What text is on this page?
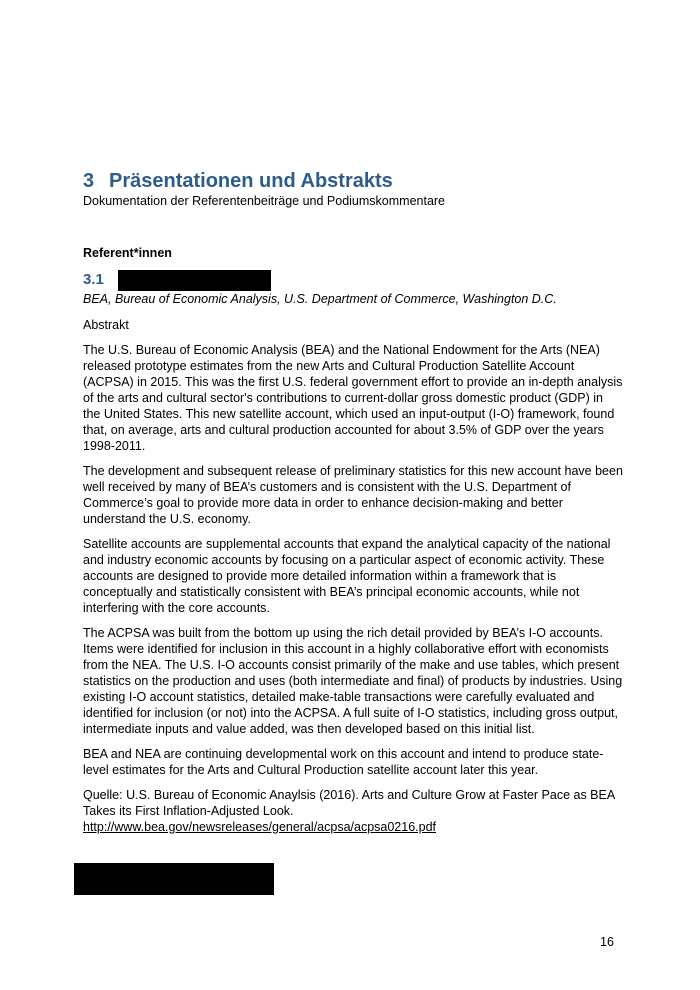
3 Präsentationen und Abstrakts
Dokumentation der Referentenbeiträge und Podiumskommentare
Referent*innen
3.1
BEA, Bureau of Economic Analysis, U.S. Department of Commerce, Washington D.C.
Abstrakt

The U.S. Bureau of Economic Analysis (BEA) and the National Endowment for the Arts (NEA) released prototype estimates from the new Arts and Cultural Production Satellite Account (ACPSA) in 2015. This was the first U.S. federal government effort to provide an in-depth analysis of the arts and cultural sector's contributions to current-dollar gross domestic product (GDP) in the United States. This new satellite account, which used an input-output (I-O) framework, found that, on average, arts and cultural production accounted for about 3.5% of GDP over the years 1998-2011.

The development and subsequent release of preliminary statistics for this new account have been well received by many of BEA’s customers and is consistent with the U.S. Department of Commerce’s goal to provide more data in order to enhance decision-making and better understand the U.S. economy.

Satellite accounts are supplemental accounts that expand the analytical capacity of the national and industry economic accounts by focusing on a particular aspect of economic activity. These accounts are designed to provide more detailed information within a framework that is conceptually and statistically consistent with BEA’s principal economic accounts, while not interfering with the core accounts.

The ACPSA was built from the bottom up using the rich detail provided by BEA’s I-O accounts. Items were identified for inclusion in this account in a highly collaborative effort with economists from the NEA. The U.S. I-O accounts consist primarily of the make and use tables, which present statistics on the production and uses (both intermediate and final) of products by industries. Using existing I-O account statistics, detailed make-table transactions were carefully evaluated and identified for inclusion (or not) into the ACPSA. A full suite of I-O statistics, including gross output, intermediate inputs and value added, was then developed based on this initial list.

BEA and NEA are continuing developmental work on this account and intend to produce state-level estimates for the Arts and Cultural Production satellite account later this year.

Quelle: U.S. Bureau of Economic Anaylsis (2016). Arts and Culture Grow at Faster Pace as BEA Takes its First Inflation-Adjusted Look.
http://www.bea.gov/newsreleases/general/acpsa/acpsa0216.pdf

16
